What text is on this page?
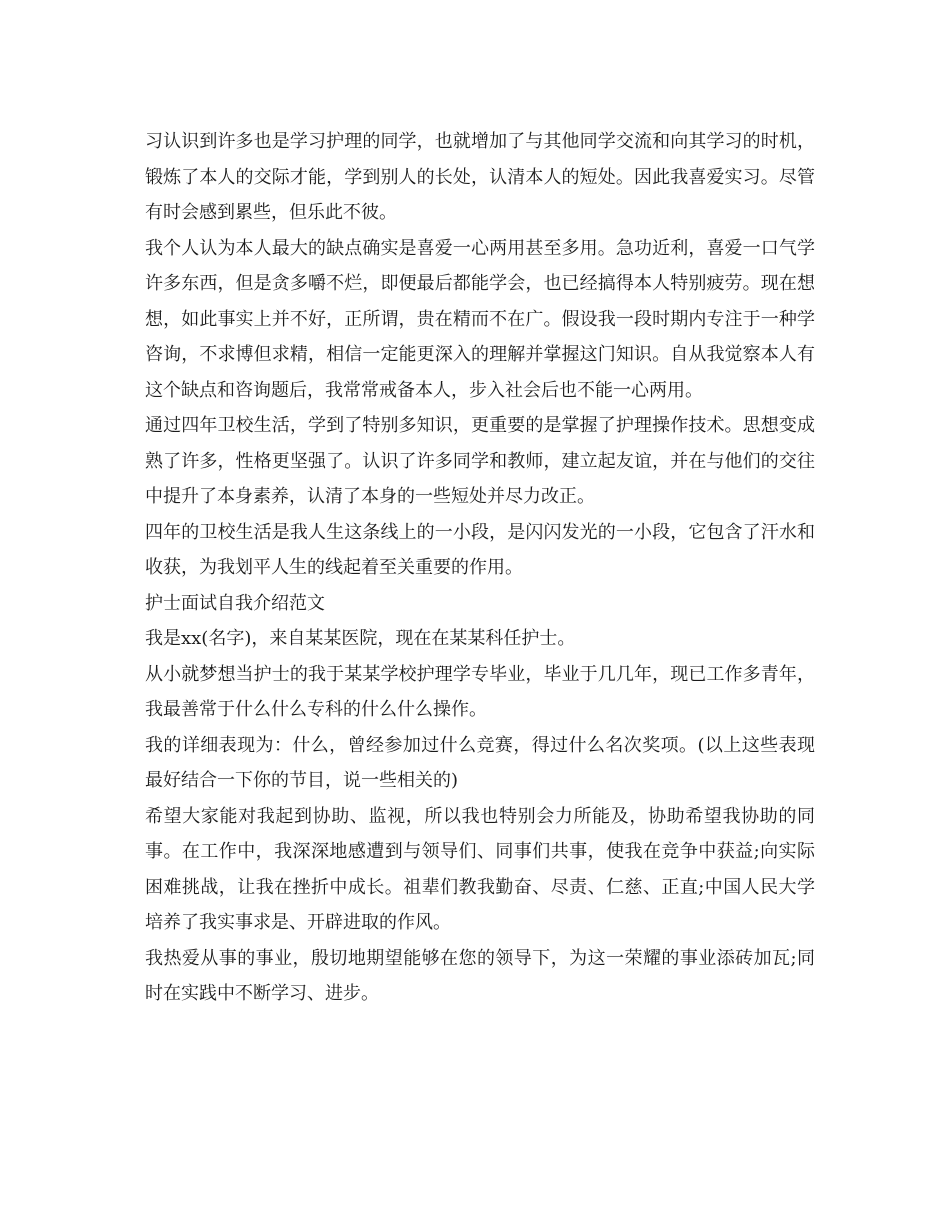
习认识到许多也是学习护理的同学，也就增加了与其他同学交流和向其学习的时机，锻炼了本人的交际才能，学到别人的长处，认清本人的短处。因此我喜爱实习。尽管有时会感到累些，但乐此不彼。

我个人认为本人最大的缺点确实是喜爱一心两用甚至多用。急功近利，喜爱一口气学许多东西，但是贪多嚼不烂，即便最后都能学会，也已经搞得本人特别疲劳。现在想想，如此事实上并不好，正所谓，贵在精而不在广。假设我一段时期内专注于一种学咨询，不求博但求精，相信一定能更深入的理解并掌握这门知识。自从我觉察本人有这个缺点和咨询题后，我常常戒备本人，步入社会后也不能一心两用。

通过四年卫校生活，学到了特别多知识，更重要的是掌握了护理操作技术。思想变成熟了许多，性格更坚强了。认识了许多同学和教师，建立起友谊，并在与他们的交往中提升了本身素养，认清了本身的一些短处并尽力改正。

四年的卫校生活是我人生这条线上的一小段，是闪闪发光的一小段，它包含了汗水和收获，为我划平人生的线起着至关重要的作用。

护士面试自我介绍范文

我是xx(名字)，来自某某医院，现在在某某科任护士。

从小就梦想当护士的我于某某学校护理学专毕业，毕业于几几年，现已工作多青年，我最善常于什么什么专科的什么什么操作。

我的详细表现为：什么，曾经参加过什么竞赛，得过什么名次奖项。(以上这些表现最好结合一下你的节目，说一些相关的)

希望大家能对我起到协助、监视，所以我也特别会力所能及，协助希望我协助的同事。在工作中，我深深地感遭到与领导们、同事们共事，使我在竞争中获益;向实际困难挑战，让我在挫折中成长。祖辈们教我勤奋、尽责、仁慈、正直;中国人民大学培养了我实事求是、开辟进取的作风。

我热爱从事的事业，殷切地期望能够在您的领导下，为这一荣耀的事业添砖加瓦;同时在实践中不断学习、进步。
